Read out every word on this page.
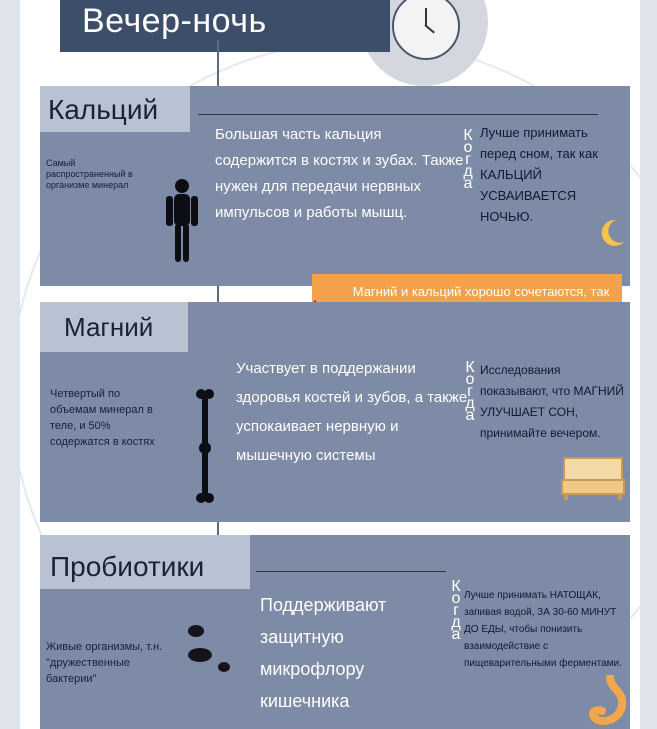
Вечер-ночь
Кальций
Самый распространенный в организме минерал
Большая часть кальция содержится в костях и зубах. Также нужен для передачи нервных импульсов и работы мышц.
К
о
г
д
а
Лучше принимать перед сном, так как КАЛЬЦИЙ УСВАИВАЕТСЯ НОЧЬЮ.
Магний и кальций хорошо сочетаются, так
Магний
Четвертый по объемам минерал в теле, и 50% содержатся в костях
Участвует в поддержании здоровья костей и зубов, а также успокаивает нервную и мышечную системы
К
о
г
д
а
Исследования показывают, что МАГНИЙ УЛУЧШАЕТ СОН, принимайте вечером.
Пробиотики
Живые организмы, т.н. "дружественные бактерии"
Поддерживают защитную микрофлору кишечника
К
о
г
д
а
Лучше принимать НАТОЩАК, запивая водой, ЗА 30-60 МИНУТ ДО ЕДЫ, чтобы понизить взаимодействие с пищеварительными ферментами.
